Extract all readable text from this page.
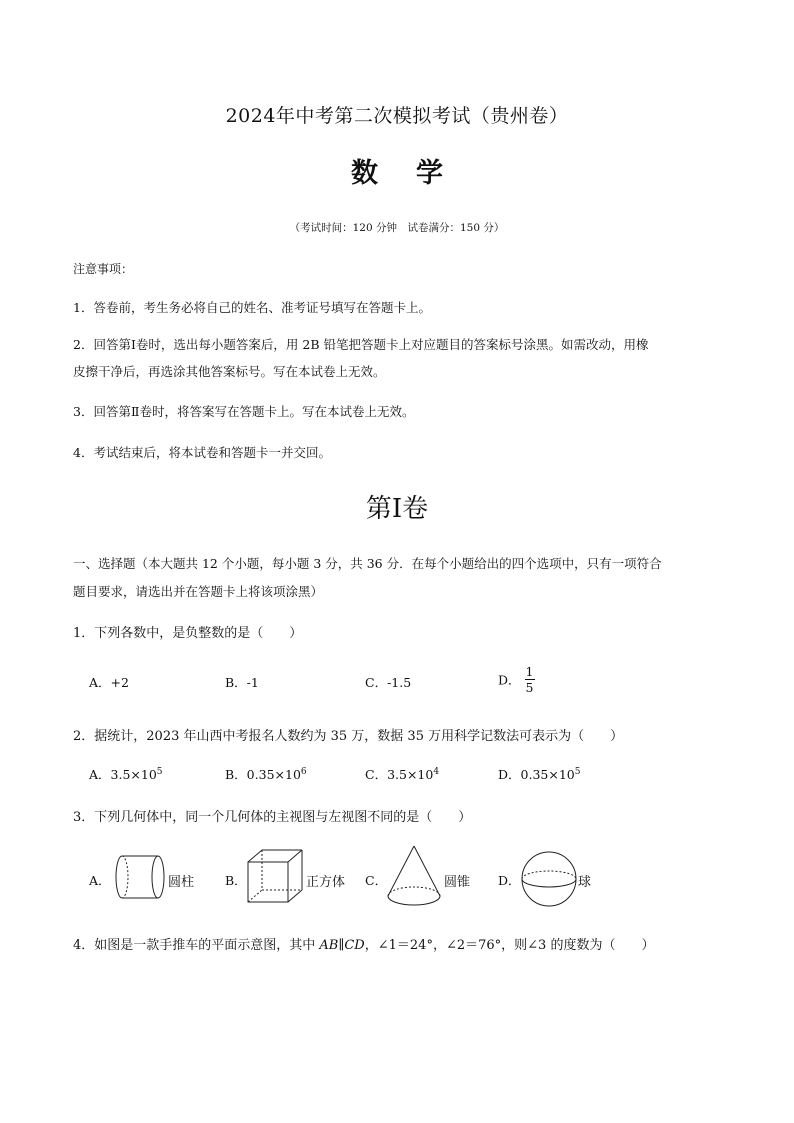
2024年中考第二次模拟考试（贵州卷）
数学
（考试时间：120 分钟　试卷满分：150 分）
注意事项：
1．答卷前，考生务必将自己的姓名、准考证号填写在答题卡上。
2．回答第Ⅰ卷时，选出每小题答案后，用 2B 铅笔把答题卡上对应题目的答案标号涂黑。如需改动，用橡
皮擦干净后，再选涂其他答案标号。写在本试卷上无效。
3．回答第Ⅱ卷时，将答案写在答题卡上。写在本试卷上无效。
4．考试结束后，将本试卷和答题卡一并交回。
第Ⅰ卷
一、选择题（本大题共 12 个小题，每小题 3 分，共 36 分．在每个小题给出的四个选项中，只有一项符合
题目要求，请选出并在答题卡上将该项涂黑）
1．下列各数中，是负整数的是（　　）
A．+2	B．-1	C．-1.5	D． $\frac{1}{5}$
2．据统计，2023 年山西中考报名人数约为 35 万，数据 35 万用科学记数法可表示为（　　）
A．$3.5\times 10^5$	B．$0.35\times 10^6$	C．$3.5\times 10^4$	D．$0.35\times 10^5$
3．下列几何体中，同一个几何体的主视图与左视图不同的是（　　）
A．	圆柱 B．	正方体 C．	圆锥 D．	球
4．如图是一款手推车的平面示意图，其中 AB∥CD，∠1＝24°，∠2＝76°，则∠3 的度数为（　　）
